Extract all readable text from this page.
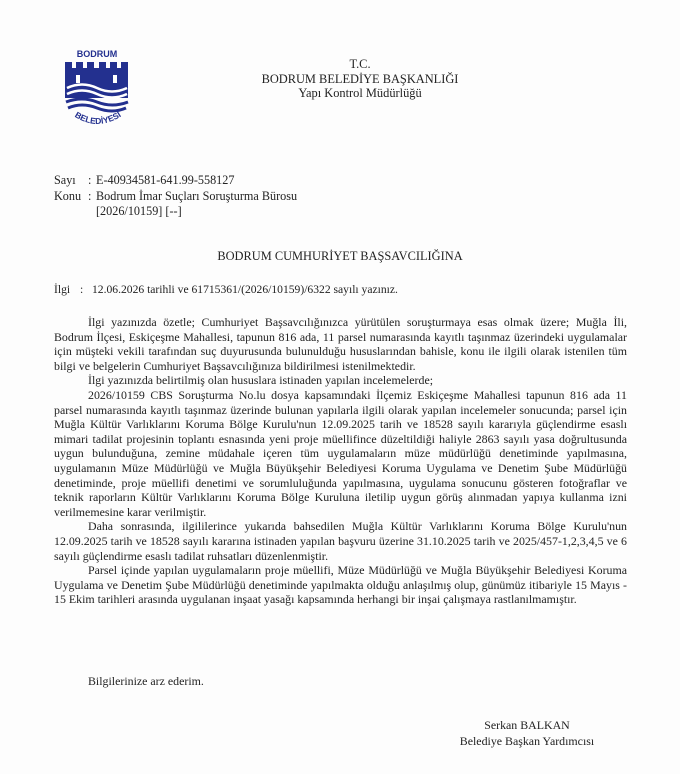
BODRUM
BELEDİYESİ
T.C.
BODRUM BELEDİYE BAŞKANLIĞI
Yapı Kontrol Müdürlüğü
Sayı	: E-40934581-641.99-558127
Konu : Bodrum İmar Suçları Soruşturma Bürosu
[2026/10159] [--]
BODRUM CUMHURİYET BAŞSAVCILIĞINA
İlgi : 12.06.2026 tarihli ve 61715361/(2026/10159)/6322 sayılı yazınız.

İlgi yazınızda özetle; Cumhuriyet Başsavcılığınızca yürütülen soruşturmaya esas olmak üzere; Muğla İli, Bodrum İlçesi, Eskiçeşme Mahallesi, tapunun 816 ada, 11 parsel numarasında kayıtlı taşınmaz üzerindeki uygulamalar için müşteki vekili tarafından suç duyurusunda bulunulduğu hususlarından bahisle, konu ile ilgili olarak istenilen tüm bilgi ve belgelerin Cumhuriyet Başsavcılığınıza bildirilmesi istenilmektedir.

İlgi yazınızda belirtilmiş olan hususlara istinaden yapılan incelemelerde;

2026/10159 CBS Soruşturma No.lu dosya kapsamındaki İlçemiz Eskiçeşme Mahallesi tapunun 816 ada 11 parsel numarasında kayıtlı taşınmaz üzerinde bulunan yapılarla ilgili olarak yapılan incelemeler sonucunda; parsel için Muğla Kültür Varlıklarını Koruma Bölge Kurulu'nun 12.09.2025 tarih ve 18528 sayılı kararıyla güçlendirme esaslı mimari tadilat projesinin toplantı esnasında yeni proje müellifince düzeltildiği haliyle 2863 sayılı yasa doğrultusunda uygun bulunduğuna, zemine müdahale içeren tüm uygulamaların müze müdürlüğü denetiminde yapılmasına, uygulamanın Müze Müdürlüğü ve Muğla Büyükşehir Belediyesi Koruma Uygulama ve Denetim Şube Müdürlüğü denetiminde, proje müellifi denetimi ve sorumluluğunda yapılmasına, uygulama sonucunu gösteren fotoğraflar ve teknik raporların Kültür Varlıklarını Koruma Bölge Kuruluna iletilip uygun görüş alınmadan yapıya kullanma izni verilmemesine karar verilmiştir.

Daha sonrasında, ilgililerince yukarıda bahsedilen Muğla Kültür Varlıklarını Koruma Bölge Kurulu'nun 12.09.2025 tarih ve 18528 sayılı kararına istinaden yapılan başvuru üzerine 31.10.2025 tarih ve 2025/457-1,2,3,4,5 ve 6 sayılı güçlendirme esaslı tadilat ruhsatları düzenlenmiştir.

Parsel içinde yapılan uygulamaların proje müellifi, Müze Müdürlüğü ve Muğla Büyükşehir Belediyesi Koruma Uygulama ve Denetim Şube Müdürlüğü denetiminde yapılmakta olduğu anlaşılmış olup, günümüz itibariyle 15 Mayıs - 15 Ekim tarihleri arasında uygulanan inşaat yasağı kapsamında herhangi bir inşai çalışmaya rastlanılmamıştır.

Bilgilerinize arz ederim.
Serkan BALKAN
Belediye Başkan Yardımcısı
